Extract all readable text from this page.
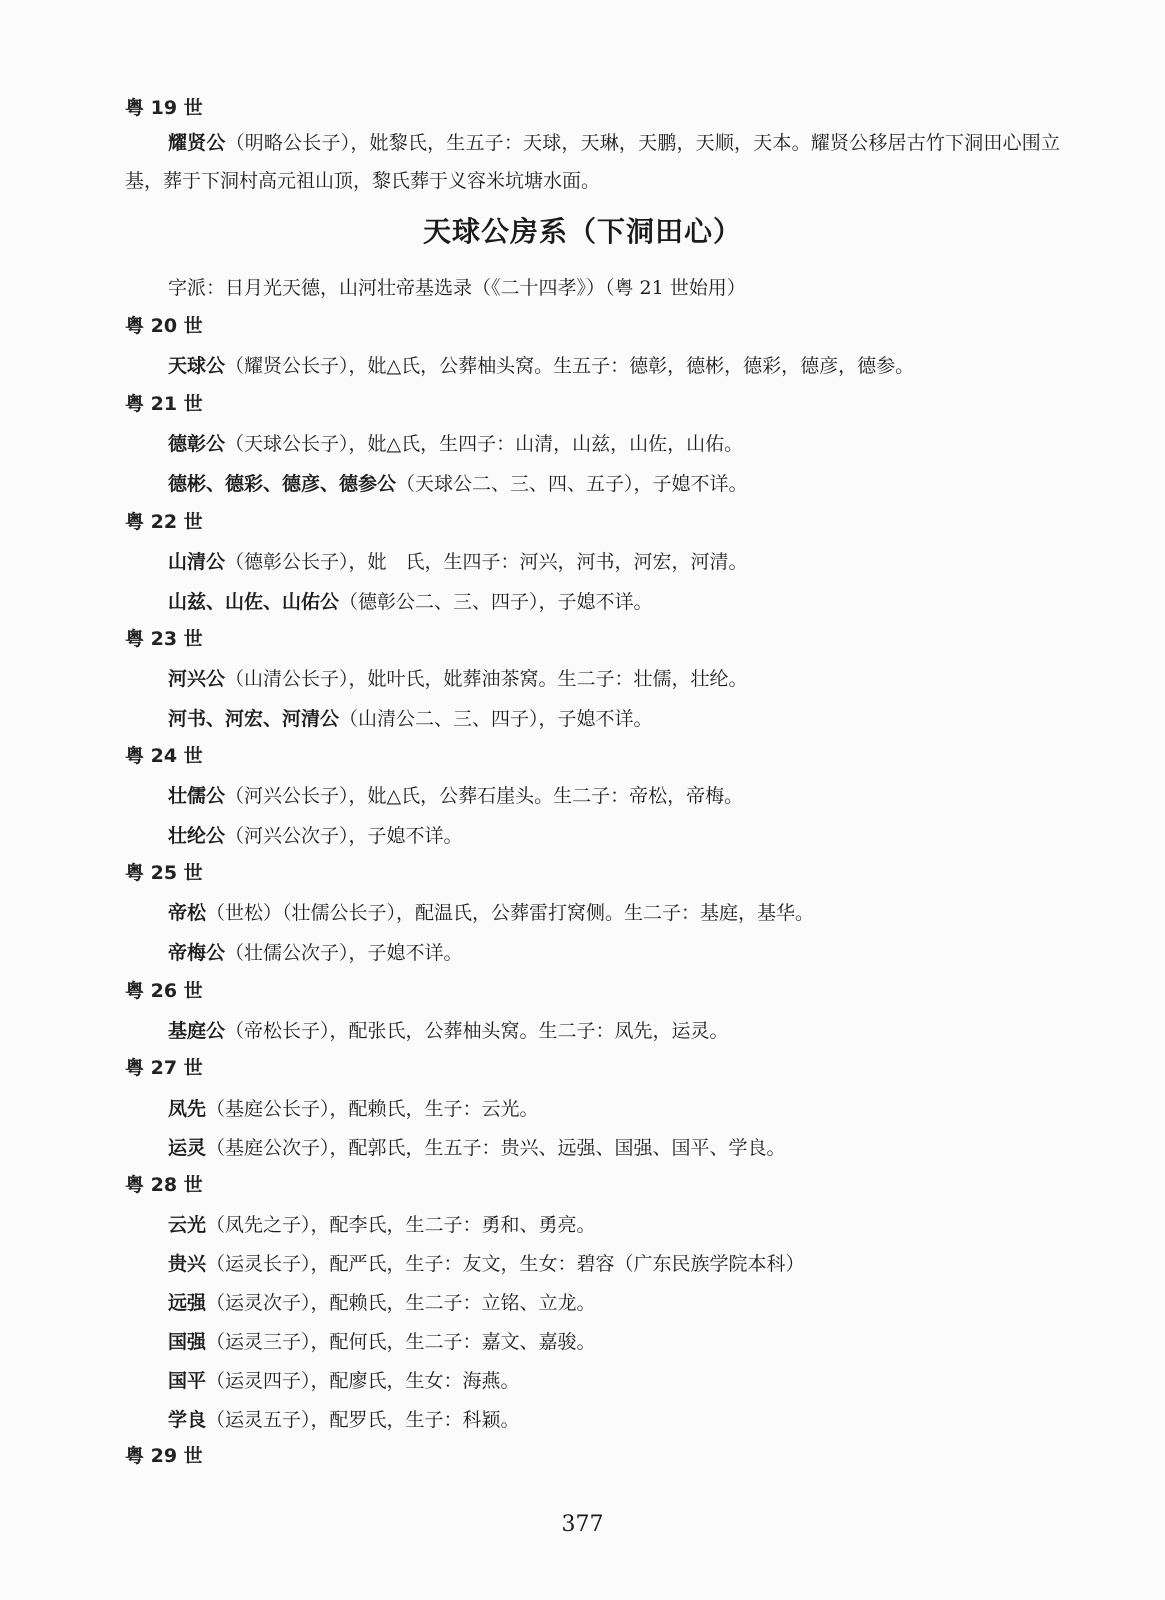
粤 19 世
耀贤公（明略公长子），妣黎氏，生五子：天球，天琳，天鹏，天顺，天本。耀贤公移居古竹下洞田心围立基，葬于下洞村高元祖山顶，黎氏葬于义容米坑塘水面。
天球公房系（下洞田心）
字派：日月光天德，山河壮帝基选录（《二十四孝》）（粤 21 世始用）
粤 20 世
天球公（耀贤公长子），妣△氏，公葬柚头窝。生五子：德彰，德彬，德彩，德彦，德参。
粤 21 世
德彰公（天球公长子），妣△氏，生四子：山清，山兹，山佐，山佑。
德彬、德彩、德彦、德参公（天球公二、三、四、五子），子媳不详。
粤 22 世
山清公（德彰公长子），妣　氏，生四子：河兴，河书，河宏，河清。
山兹、山佐、山佑公（德彰公二、三、四子），子媳不详。
粤 23 世
河兴公（山清公长子），妣叶氏，妣葬油茶窝。生二子：壮儒，壮纶。
河书、河宏、河清公（山清公二、三、四子），子媳不详。
粤 24 世
壮儒公（河兴公长子），妣△氏，公葬石崖头。生二子：帝松，帝梅。
壮纶公（河兴公次子），子媳不详。
粤 25 世
帝松（世松）（壮儒公长子），配温氏，公葬雷打窝侧。生二子：基庭，基华。
帝梅公（壮儒公次子），子媳不详。
粤 26 世
基庭公（帝松长子），配张氏，公葬柚头窝。生二子：凤先，运灵。
粤 27 世
凤先（基庭公长子），配赖氏，生子：云光。
运灵（基庭公次子），配郭氏，生五子：贵兴、远强、国强、国平、学良。
粤 28 世
云光（凤先之子），配李氏，生二子：勇和、勇亮。
贵兴（运灵长子），配严氏，生子：友文，生女：碧容（广东民族学院本科）
远强（运灵次子），配赖氏，生二子：立铭、立龙。
国强（运灵三子），配何氏，生二子：嘉文、嘉骏。
国平（运灵四子），配廖氏，生女：海燕。
学良（运灵五子），配罗氏，生子：科颖。
粤 29 世
377
